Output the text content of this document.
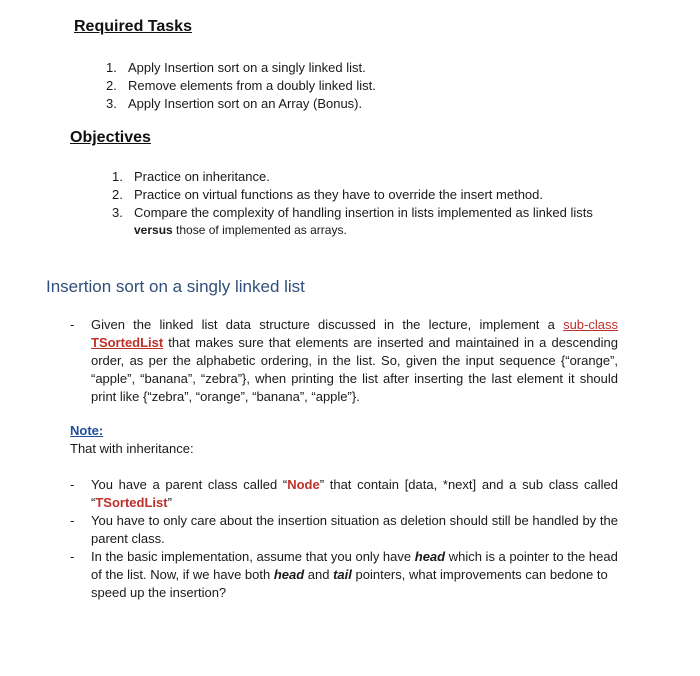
Required Tasks
1. Apply Insertion sort on a singly linked list.
2. Remove elements from a doubly linked list.
3. Apply Insertion sort on an Array (Bonus).
Objectives
1. Practice on inheritance.
2. Practice on virtual functions as they have to override the insert method.
3. Compare the complexity of handling insertion in lists implemented as linked lists
versus those of implemented as arrays.
Insertion sort on a singly linked list
- Given the linked list data structure discussed in the lecture, implement a sub-class TSortedList that makes sure that elements are inserted and maintained in a descending order, as per the alphabetic ordering, in the list. So, given the input sequence {“orange”, “apple”, “banana”, “zebra”}, when printing the list after inserting the last element it should print like {“zebra”, “orange”, “banana”, “apple”}.
Note:
That with inheritance:
- You have a parent class called “Node” that contain [data, *next] and a sub class called “TSortedList”
- You have to only care about the insertion situation as deletion should still be handled by the parent class.
- In the basic implementation, assume that you only have head which is a pointer to the head of the list. Now, if we have both head and tail pointers, what improvements can bedone to speed up the insertion?
